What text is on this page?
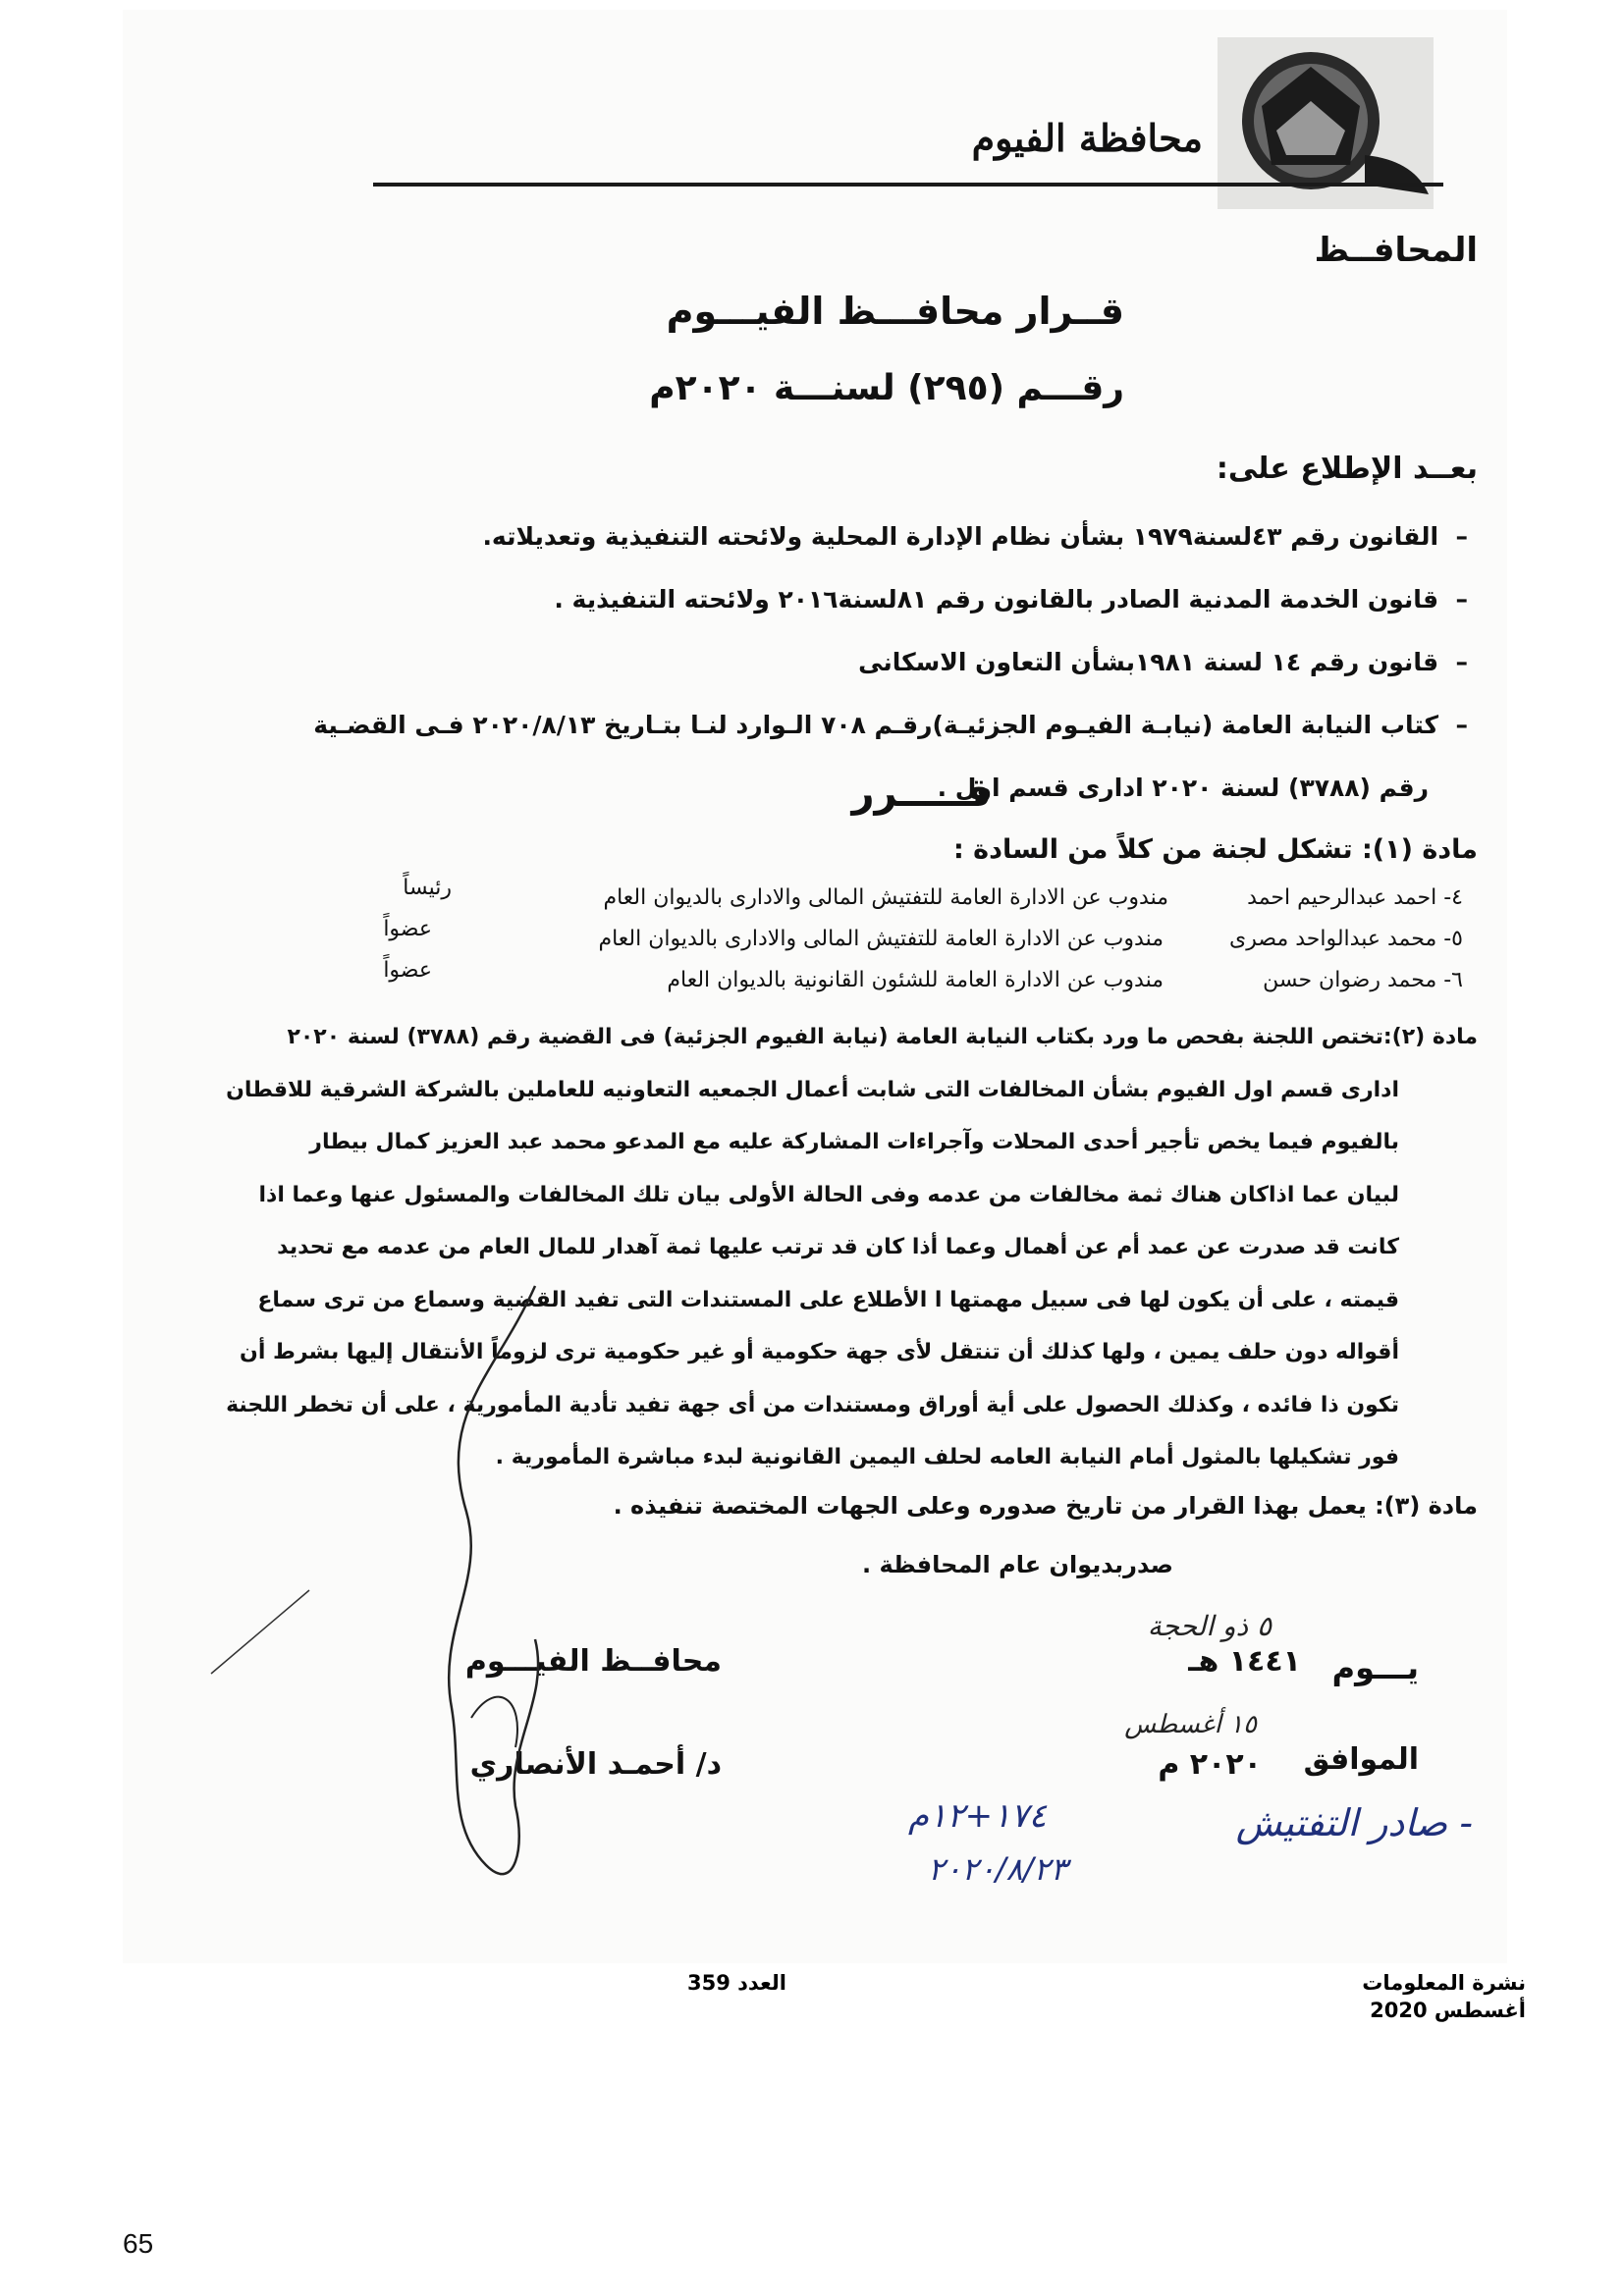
محافظة الفيوم
المحافــظ
قــرار محافـــظ الفيـــوم
رقـــم (٢٩٥) لسنـــة ٢٠٢٠م
بعــد الإطلاع على:
–  القانون رقم ٤٣لسنة١٩٧٩ بشأن نظام الإدارة المحلية ولائحته التنفيذية وتعديلاته.
–  قانون الخدمة المدنية الصادر بالقانون رقم ٨١لسنة٢٠١٦ ولائحته التنفيذية .
–  قانون رقم ١٤ لسنة ١٩٨١بشأن التعاون الاسكانى
–  كتاب النيابة العامة (نيابـة الفيـوم الجزئيـة)رقـم ٧٠٨ الـوارد لنـا بتـاريخ ٢٠٢٠/٨/١٣ فـى القضـية
رقم (٣٧٨٨) لسنة ٢٠٢٠ ادارى قسم اول .
قـــــرر
مادة (١): تشكل لجنة من كلاً من السادة :
٤- احمد عبدالرحيم احمد
مندوب عن الادارة العامة للتفتيش المالى والادارى بالديوان العام
رئيساً
٥- محمد عبدالواحد مصرى
مندوب عن الادارة العامة للتفتيش المالى والادارى بالديوان العام
عضواً
٦- محمد رضوان حسن
مندوب عن الادارة العامة للشئون القانونية بالديوان العام
عضواً
مادة (٢):تختص اللجنة بفحص ما ورد بكتاب النيابة العامة (نيابة الفيوم الجزئية) فى القضية رقم (٣٧٨٨) لسنة ٢٠٢٠
ادارى قسم اول الفيوم بشأن المخالفات التى شابت أعمال الجمعيه التعاونيه للعاملين بالشركة الشرقية للاقطان
بالفيوم فيما يخص تأجير أحدى المحلات وآجراءات المشاركة عليه مع المدعو محمد عبد العزيز كمال بيطار
لبيان عما اذاكان هناك ثمة مخالفات من عدمه وفى الحالة الأولى بيان تلك المخالفات والمسئول عنها وعما اذا
كانت قد صدرت عن عمد أم عن أهمال وعما أذا كان قد ترتب عليها ثمة آهدار للمال العام من عدمه مع تحديد
قيمته ، على أن يكون لها فى سبيل مهمتها ا الأطلاع على المستندات التى تفيد القضية وسماع من ترى سماع
أقواله دون حلف يمين ، ولها كذلك أن تنتقل لأى جهة حكومية أو غير حكومية ترى لزوماً الأنتقال إليها بشرط أن
تكون ذا فائده ، وكذلك الحصول على أية أوراق ومستندات من أى جهة تفيد تأدية المأمورية ، على أن تخطر اللجنة
فور تشكيلها بالمثول أمام النيابة العامه لحلف اليمين القانونية لبدء مباشرة المأمورية .
مادة (٣): يعمل بهذا القرار من تاريخ صدوره وعلى الجهات المختصة تنفيذه .
صدربديوان عام المحافظة .
محافــظ الفيـــوم
د/ أحمـد الأنصاري
يـــوم
١٤٤١ هـ
الموافق
٢٠٢٠ م
٥ ذو الحجة
١٥ أغسطس
- صادر التفتيش
١٧٤+١٢م
٢٠٢٠/٨/٢٣
نشرة المعلومات
أغسطس 2020
العدد 359
65
